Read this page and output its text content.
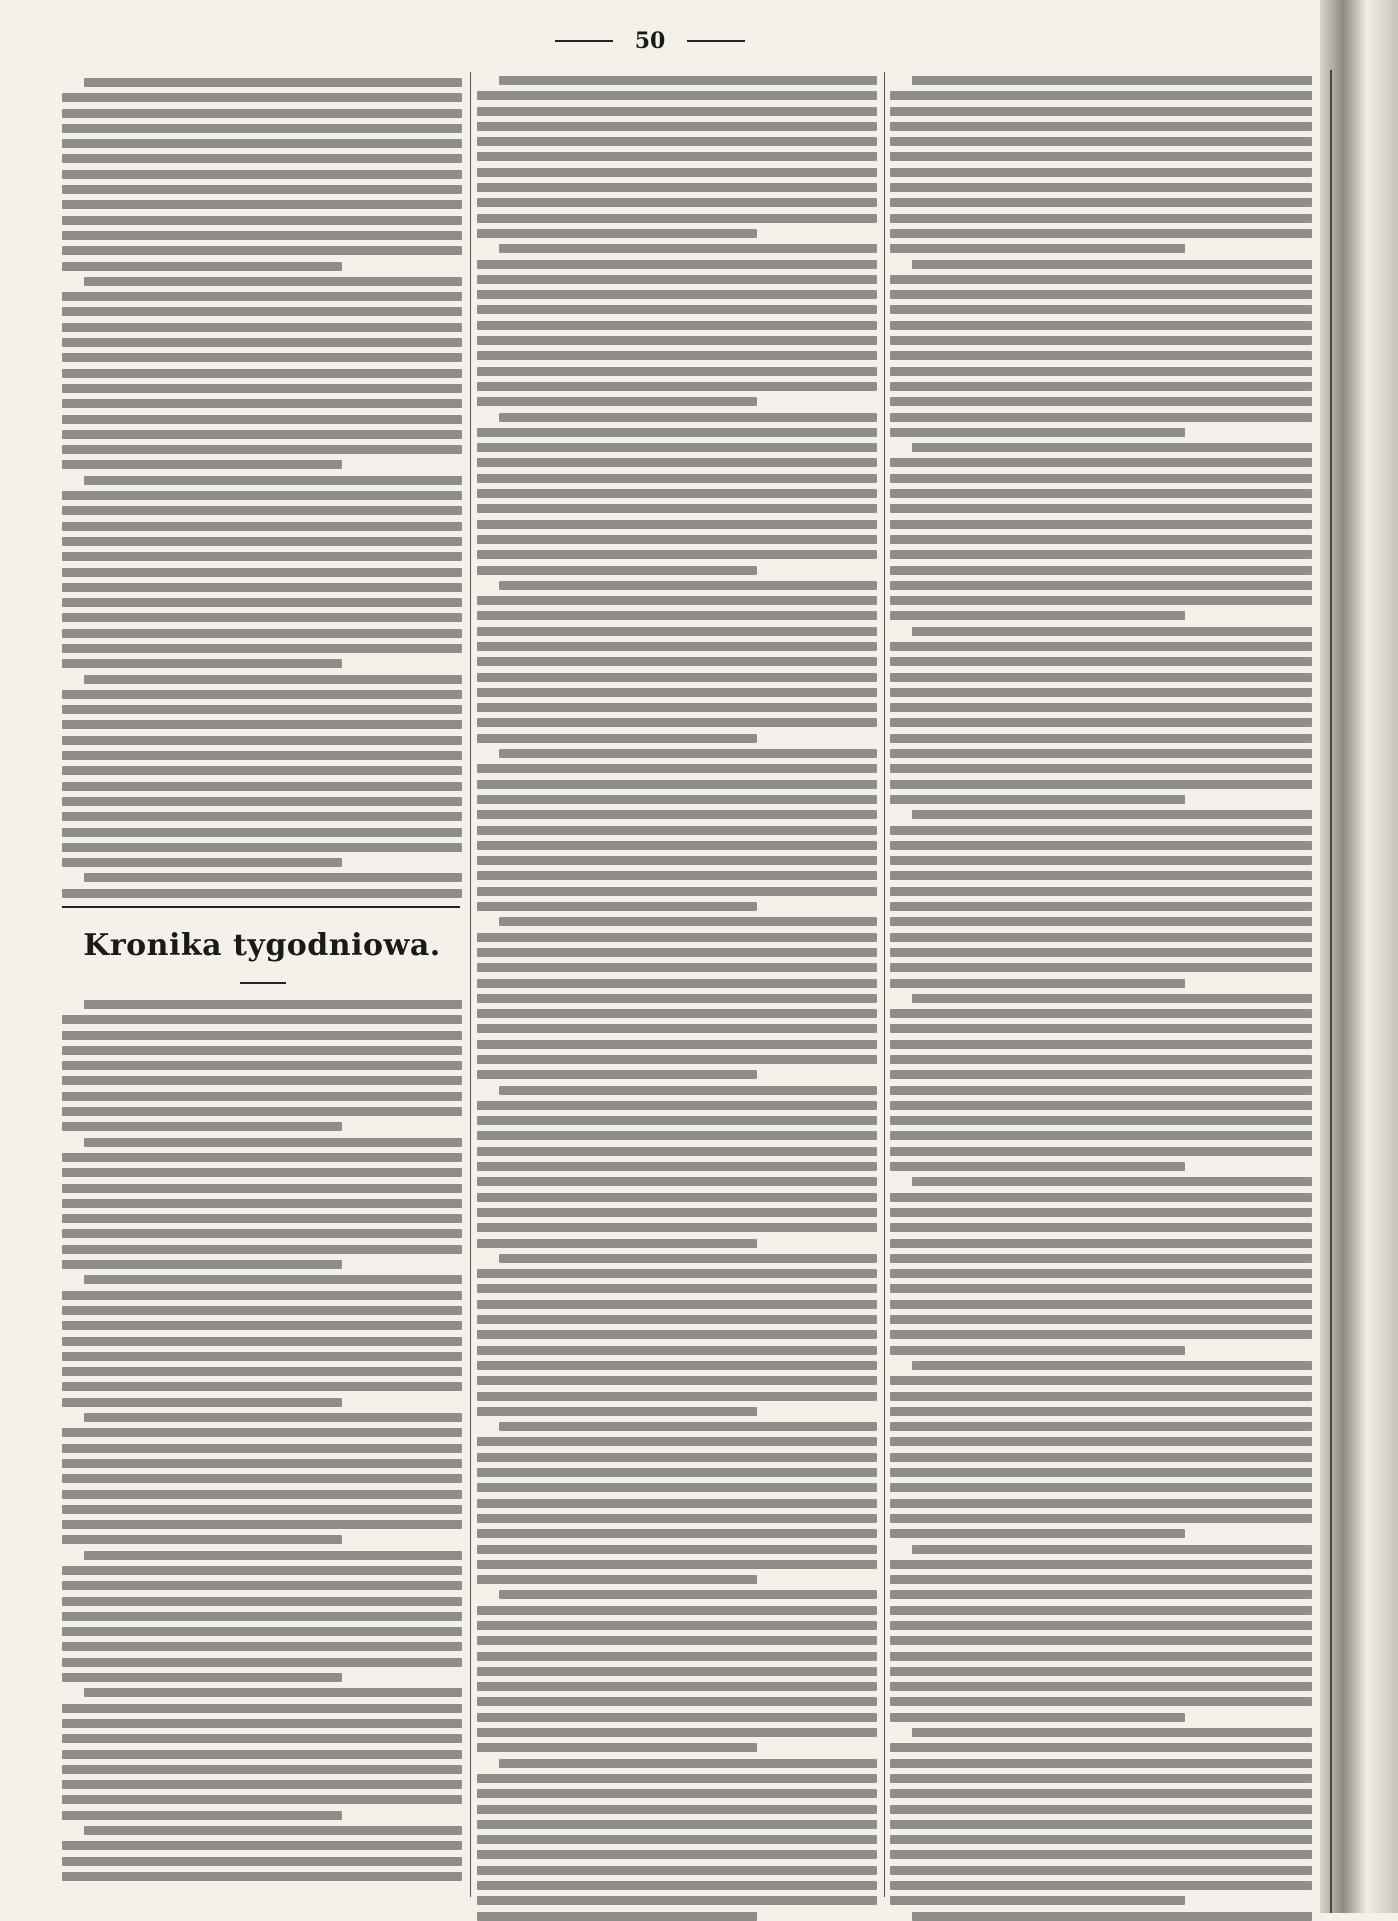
50
Kronika tygodniowa.
